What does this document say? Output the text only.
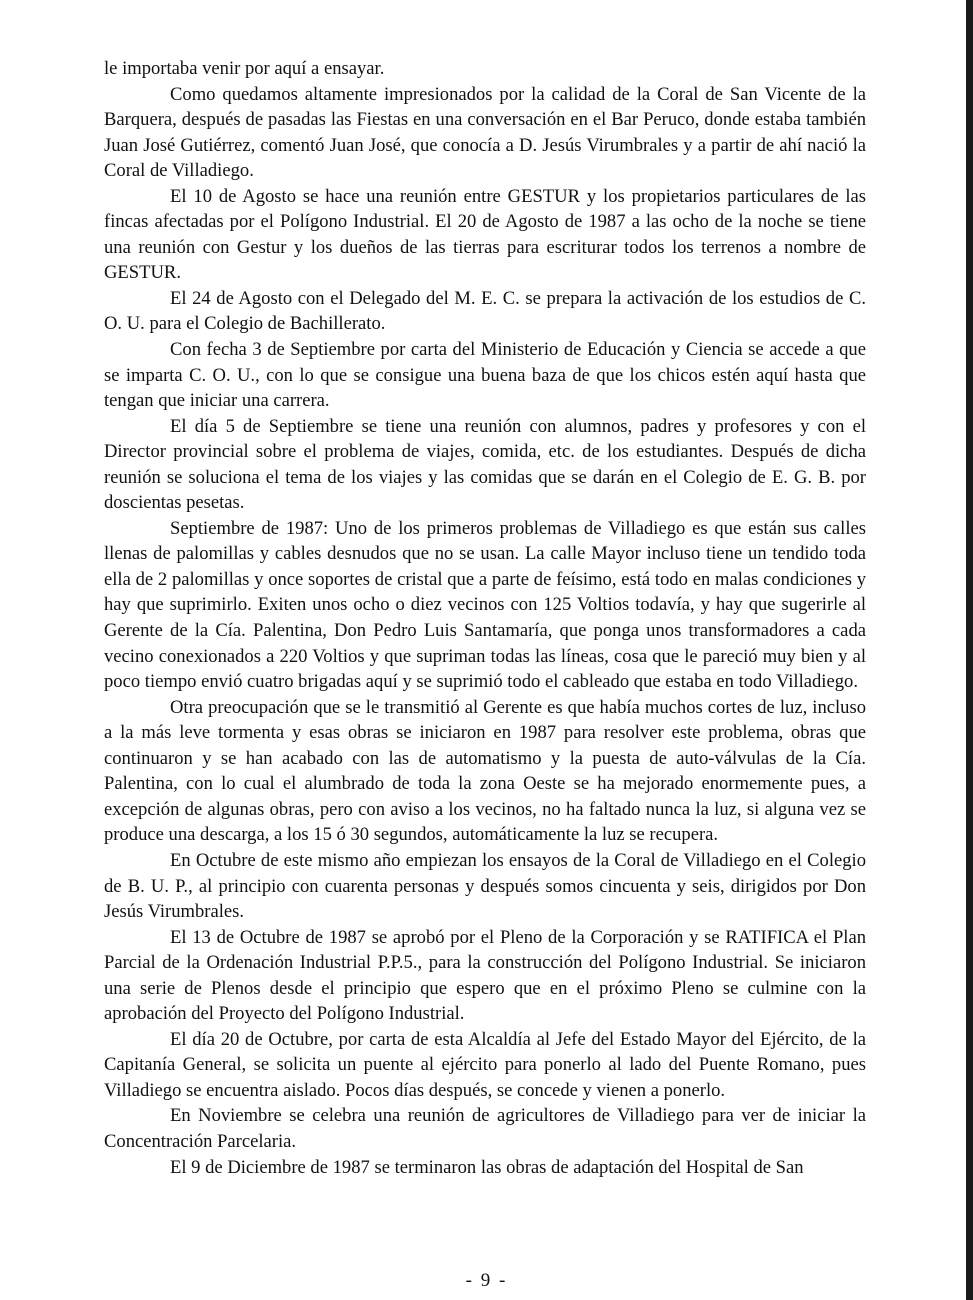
le importaba venir por aquí a ensayar.

Como quedamos altamente impresionados por la calidad de la Coral de San Vicente de la Barquera, después de pasadas las Fiestas en una conversación en el Bar Peruco, donde estaba también Juan José Gutiérrez, comentó Juan José, que conocía a D. Jesús Virumbrales y a partir de ahí nació la Coral de Villadiego.

El 10 de Agosto se hace una reunión entre GESTUR y los propietarios particulares de las fincas afectadas por el Polígono Industrial. El 20 de Agosto de 1987 a las ocho de la noche se tiene una reunión con Gestur y los dueños de las tierras para escriturar todos los terrenos a nombre de GESTUR.

El 24 de Agosto con el Delegado del M. E. C. se prepara la activación de los estudios de C. O. U. para el Colegio de Bachillerato.

Con fecha 3 de Septiembre por carta del Ministerio de Educación y Ciencia se accede a que se imparta C. O. U., con lo que se consigue una buena baza de que los chicos estén aquí hasta que tengan que iniciar una carrera.

El día 5 de Septiembre se tiene una reunión con alumnos, padres y profesores y con el Director provincial sobre el problema de viajes, comida, etc. de los estudiantes. Después de dicha reunión se soluciona el tema de los viajes y las comidas que se darán en el Colegio de E. G. B. por doscientas pesetas.

Septiembre de 1987: Uno de los primeros problemas de Villadiego es que están sus calles llenas de palomillas y cables desnudos que no se usan. La calle Mayor incluso tiene un tendido toda ella de 2 palomillas y once soportes de cristal que a parte de feísimo, está todo en malas condiciones y hay que suprimirlo. Exiten unos ocho o diez vecinos con 125 Voltios todavía, y hay que sugerirle al Gerente de la Cía. Palentina, Don Pedro Luis Santamaría, que ponga unos transformadores a cada vecino conexionados a 220 Voltios y que supriman todas las líneas, cosa que le pareció muy bien y al poco tiempo envió cuatro brigadas aquí y se suprimió todo el cableado que estaba en todo Villadiego.

Otra preocupación que se le transmitió al Gerente es que había muchos cortes de luz, incluso a la más leve tormenta y esas obras se iniciaron en 1987 para resolver este problema, obras que continuaron y se han acabado con las de automatismo y la puesta de auto-válvulas de la Cía. Palentina, con lo cual el alumbrado de toda la zona Oeste se ha mejorado enormemente pues, a excepción de algunas obras, pero con aviso a los vecinos, no ha faltado nunca la luz, si alguna vez se produce una descarga, a los 15 ó 30 segundos, automáticamente la luz se recupera.

En Octubre de este mismo año empiezan los ensayos de la Coral de Villadiego en el Colegio de B. U. P., al principio con cuarenta personas y después somos cincuenta y seis, dirigidos por Don Jesús Virumbrales.

El 13 de Octubre de 1987 se aprobó por el Pleno de la Corporación y se RATIFICA el Plan Parcial de la Ordenación Industrial P.P.5., para la construcción del Polígono Industrial. Se iniciaron una serie de Plenos desde el principio que espero que en el próximo Pleno se culmine con la aprobación del Proyecto del Polígono Industrial.

El día 20 de Octubre, por carta de esta Alcaldía al Jefe del Estado Mayor del Ejército, de la Capitanía General, se solicita un puente al ejército para ponerlo al lado del Puente Romano, pues Villadiego se encuentra aislado. Pocos días después, se concede y vienen a ponerlo.

En Noviembre se celebra una reunión de agricultores de Villadiego para ver de iniciar la Concentración Parcelaria.

El 9 de Diciembre de 1987 se terminaron las obras de adaptación del Hospital de San

- 9 -
